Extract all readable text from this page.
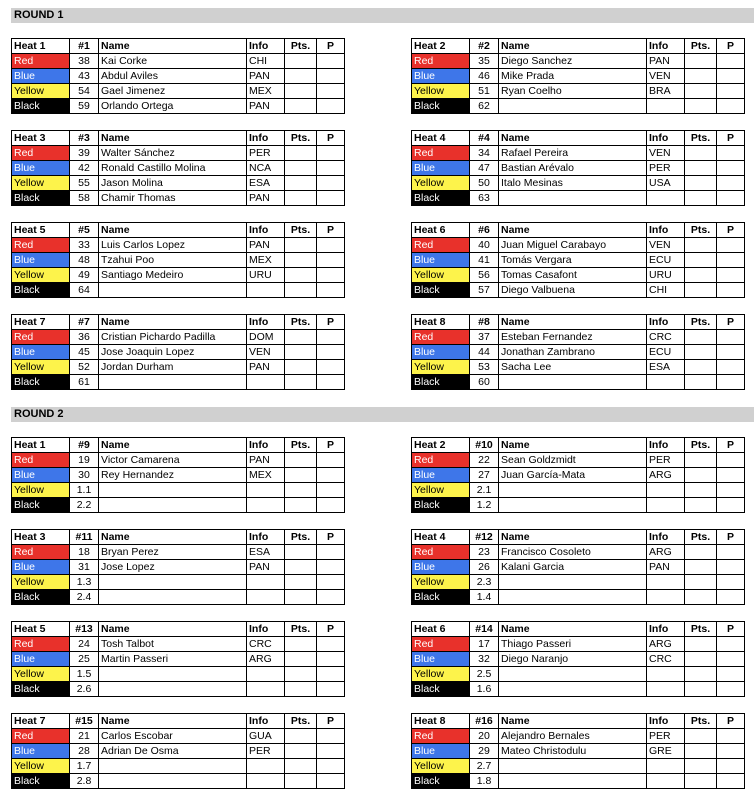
ROUND 1
ROUND 2
Heat 1	#1	Name	Info	Pts.	P
Red	38	Kai Corke	CHI		
Blue	43	Abdul Aviles	PAN		
Yellow	54	Gael Jimenez	MEX		
Black	59	Orlando Ortega	PAN		
Heat 2	#2	Name	Info	Pts.	P
Red	35	Diego Sanchez	PAN		
Blue	46	Mike Prada	VEN		
Yellow	51	Ryan Coelho	BRA		
Black	62				
Heat 3	#3	Name	Info	Pts.	P
Red	39	Walter Sánchez	PER		
Blue	42	Ronald Castillo Molina	NCA		
Yellow	55	Jason Molina	ESA		
Black	58	Chamir Thomas	PAN		
Heat 4	#4	Name	Info	Pts.	P
Red	34	Rafael Pereira	VEN		
Blue	47	Bastian Arévalo	PER		
Yellow	50	Italo Mesinas	USA		
Black	63				
Heat 5	#5	Name	Info	Pts.	P
Red	33	Luis Carlos Lopez	PAN		
Blue	48	Tzahui Poo	MEX		
Yellow	49	Santiago Medeiro	URU		
Black	64				
Heat 6	#6	Name	Info	Pts.	P
Red	40	Juan Miguel Carabayo	VEN		
Blue	41	Tomás Vergara	ECU		
Yellow	56	Tomas Casafont	URU		
Black	57	Diego Valbuena	CHI		
Heat 7	#7	Name	Info	Pts.	P
Red	36	Cristian Pichardo Padilla	DOM		
Blue	45	Jose Joaquin Lopez	VEN		
Yellow	52	Jordan Durham	PAN		
Black	61				
Heat 8	#8	Name	Info	Pts.	P
Red	37	Esteban Fernandez	CRC		
Blue	44	Jonathan Zambrano	ECU		
Yellow	53	Sacha Lee	ESA		
Black	60				
Heat 1	#9	Name	Info	Pts.	P
Red	19	Victor Camarena	PAN		
Blue	30	Rey Hernandez	MEX		
Yellow	1.1				
Black	2.2				
Heat 2	#10	Name	Info	Pts.	P
Red	22	Sean Goldzmidt	PER		
Blue	27	Juan García-Mata	ARG		
Yellow	2.1				
Black	1.2				
Heat 3	#11	Name	Info	Pts.	P
Red	18	Bryan Perez	ESA		
Blue	31	Jose Lopez	PAN		
Yellow	1.3				
Black	2.4				
Heat 4	#12	Name	Info	Pts.	P
Red	23	Francisco Cosoleto	ARG		
Blue	26	Kalani Garcia	PAN		
Yellow	2.3				
Black	1.4				
Heat 5	#13	Name	Info	Pts.	P
Red	24	Tosh Talbot	CRC		
Blue	25	Martin Passeri	ARG		
Yellow	1.5				
Black	2.6				
Heat 6	#14	Name	Info	Pts.	P
Red	17	Thiago Passeri	ARG		
Blue	32	Diego Naranjo	CRC		
Yellow	2.5				
Black	1.6				
Heat 7	#15	Name	Info	Pts.	P
Red	21	Carlos Escobar	GUA		
Blue	28	Adrian De Osma	PER		
Yellow	1.7				
Black	2.8				
Heat 8	#16	Name	Info	Pts.	P
Red	20	Alejandro Bernales	PER		
Blue	29	Mateo Christodulu	GRE		
Yellow	2.7				
Black	1.8				
